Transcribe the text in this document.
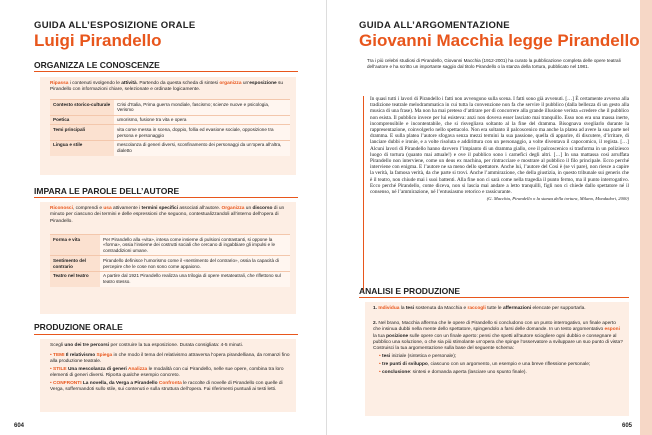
GUIDA ALL’ESPOSIZIONE ORALE
Luigi Pirandello
ORGANIZZA LE CONOSCENZE
Ripassa i contenuti svolgendo le attività. Partendo da questa scheda di sintesi organizza un’esposizione su Pirandello con informazioni chiare, selezionate e ordinate logicamente.
Contesto storico-culturale	Crisi d’Italia, Prima guerra mondiale, fascismo; scienze nuove e psicologia, Verismo
Poetica	umorismo, fusione tra vita e opera
Temi principali	vita come messa in scena, doppio, follia ed evasione sociale, opposizione tra persona e personaggio
Lingua e stile	mescolanza di generi diversi, sconfinamento dei personaggi da un’opera all’altra, dialetto
IMPARA LE PAROLE DELL’AUTORE
Riconosci, comprendi e usa attivamente i termini specifici associati all’autore. Organizza un discorso di un minuto per ciascuno dei termini e delle espressioni che seguono, contestualizzandoli all’interno dell’opera di Pirandello.
Forma e vita	Per Pirandello alla «vita», intesa come insieme di pulsioni contrastanti, si oppone la «forma», ossia l’insieme dei costrutti sociali che cercano di ingabbiare gli impulsi e le contraddizioni umane.
Sentimento del contrario	Pirandello definisce l’umorismo come il «sentimento del contrario», ossia la capacità di percepire che le cose non sono come appaiono.
Teatro nel teatro	A partire dal 1921 Pirandello realizza una trilogia di opere metateatrali, che riflettono sul teatro stesso.
PRODUZIONE ORALE
Scegli uno dei tre percorsi per costruire la tua esposizione. Durata consigliata: 4-5 minuti.
• TEMI Il relativismo Spiega in che modo il tema del relativismo attraversa l’opera pirandelliana, da romanzi fino alla produzione teatrale.
• STILE Una mescolanza di generi Analizza le modalità con cui Pirandello, nelle sue opere, combina tra loro elementi di generi diversi. Riporta qualche esempio concreto.
• CONFRONTI La novella, da Verga a Pirandello Confronta le raccolte di novelle di Pirandello con quelle di Verga, soffermandoti sullo stile, sui contenuti e sulla struttura dell’opera. Fai riferimenti puntuali ai testi letti.
604
GUIDA ALL’ARGOMENTAZIONE
Giovanni Macchia legge Pirandello
Tra i più celebri studiosi di Pirandello, Giovanni Macchia (1912-2001) ha curato la pubblicazione completa delle opere teatrali dell’autore e ha scritto un importante saggio dal titolo Pirandello o la stanza della tortura, pubblicato nel 1981.
In quasi tutti i lavori di Pirandello i fatti non avvengono sulla scena. I fatti sono già avvenuti. […] È certamente avverso alla tradizione teatrale melodrammatica in cui tutta la convenzione non fa che servire il pubblico (dalla bellezza di un gesto alla musica di una frase). Ma non ha mai preteso d’attirare per di concorrere alla grande illusione verista «credere che il pubblico non esista. Il pubblico invece per lui esisteva: anzi non doveva esser lasciato mai tranquillo. Esso non era una massa inerte, incomprensibile e incontentabile, che si risvegliava soltanto al la fine del dramma. Bisognava svegliarlo durante la rappresentazione, coinvolgerlo nello spettacolo. Non era soltanto il palcoscenico ma anche la platea ad avere la sua parte nel dramma. E sulla platea l’autore sfogava senza mezzi termini la sua passione, quella di apparire, di discutere, d’irritare, di lanciare dubbi e ironie, e a volte risoluta e addirittura con un personaggio, a volte diventava il capocomico, il regista. […] Alcuni lavori di Pirandello hanno davvero l’impianto di un dramma giallo, ove il palcoscenico si trasforma in un poliziesco luogo di tortura (quanto mai attuale!) e ove il pubblico sono i carnefici degli altri. […] In una mattassa così arruffata Pirandello non interviene, come un deus ex machina, per rintracciare e mostrare al pubblico il filo principale. Ecco perché interviene con enigma. E l’autore ne sa meno dello spettatore. Anche lui, l’autore del Così è (se vi pare), non riesce a capire la verità, la famosa verità, da che parte si trovi. Anche l’ammirazione, che della giustizia, in questo tribunale sui generis che è il teatro, non chiude mai i suoi battenti. Alla fine non ci sarà come nella tragedia il punto fermo, ma il punto interrogativo. Ecco perché Pirandello, come diceva, non si lascia mai andare a letto tranquilli, figli non ci chiede dallo spettatore né il consenso, né l’ammirazione, né l’entusiasmo retorico e rassicurante.
(G. Macchia, Pirandello o la stanza della tortura, Milano, Mondadori, 2000)
ANALISI E PRODUZIONE
1. Individua la tesi sostenuta da Macchia e raccogli tutte le affermazioni elencate per supportarla.
2. Nel brano, Macchia afferma che le opere di Pirandello si concludono con un punto interrogativo, un finale aperto che insinua dubbi nella mente dello spettatore, spingendolo a farsi delle domande. In un testo argomentativo esponi la tua posizione sulle opere con un finale aperto: pensi che spetti all’autore sciogliere ogni dubbio e consegnare al pubblico una soluzione, o che sia più stimolante un’opera che spinge l’osservatore a sviluppare un suo punto di vista? Costruisci la tua argomentazione sulla base del seguente schema:
• tesi iniziale (sintetica e personale);
• tre punti di sviluppo, ciascuno con un argomento, un esempio e una breve riflessione personale;
• conclusione: sintesi e domanda aperta (lasciare uno spunto finale).
605
